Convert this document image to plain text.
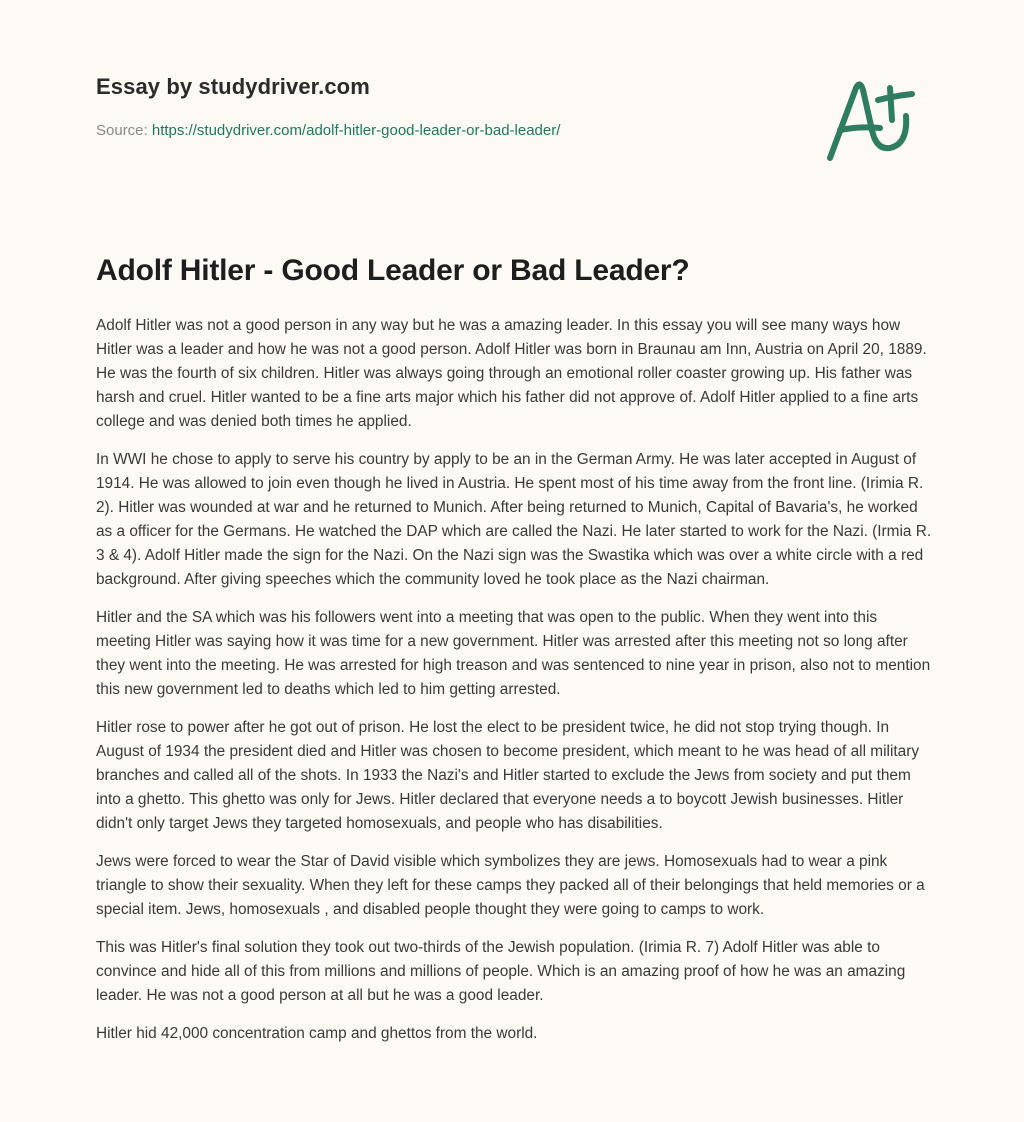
Essay by studydriver.com
Source: https://studydriver.com/adolf-hitler-good-leader-or-bad-leader/
Adolf Hitler - Good Leader or Bad Leader?

Adolf Hitler was not a good person in any way but he was a amazing leader. In this essay you will see many ways how Hitler was a leader and how he was not a good person. Adolf Hitler was born in Braunau am Inn, Austria on April 20, 1889. He was the fourth of six children. Hitler was always going through an emotional roller coaster growing up. His father was harsh and cruel. Hitler wanted to be a fine arts major which his father did not approve of. Adolf Hitler applied to a fine arts college and was denied both times he applied.

In WWI he chose to apply to serve his country by apply to be an in the German Army. He was later accepted in August of 1914. He was allowed to join even though he lived in Austria. He spent most of his time away from the front line. (Irimia R. 2). Hitler was wounded at war and he returned to Munich. After being returned to Munich, Capital of Bavaria's, he worked as a officer for the Germans. He watched the DAP which are called the Nazi. He later started to work for the Nazi. (Irmia R. 3 & 4). Adolf Hitler made the sign for the Nazi. On the Nazi sign was the Swastika which was over a white circle with a red background. After giving speeches which the community loved he took place as the Nazi chairman.

Hitler and the SA which was his followers went into a meeting that was open to the public. When they went into this meeting Hitler was saying how it was time for a new government. Hitler was arrested after this meeting not so long after they went into the meeting. He was arrested for high treason and was sentenced to nine year in prison, also not to mention this new government led to deaths which led to him getting arrested.

Hitler rose to power after he got out of prison. He lost the elect to be president twice, he did not stop trying though. In August of 1934 the president died and Hitler was chosen to become president, which meant to he was head of all military branches and called all of the shots. In 1933 the Nazi's and Hitler started to exclude the Jews from society and put them into a ghetto. This ghetto was only for Jews. Hitler declared that everyone needs a to boycott Jewish businesses. Hitler didn't only target Jews they targeted homosexuals, and people who has disabilities.

Jews were forced to wear the Star of David visible which symbolizes they are jews. Homosexuals had to wear a pink triangle to show their sexuality. When they left for these camps they packed all of their belongings that held memories or a special item. Jews, homosexuals , and disabled people thought they were going to camps to work.

This was Hitler's final solution they took out two-thirds of the Jewish population. (Irimia R. 7) Adolf Hitler was able to convince and hide all of this from millions and millions of people. Which is an amazing proof of how he was an amazing leader. He was not a good person at all but he was a good leader.

Hitler hid 42,000 concentration camp and ghettos from the world.
